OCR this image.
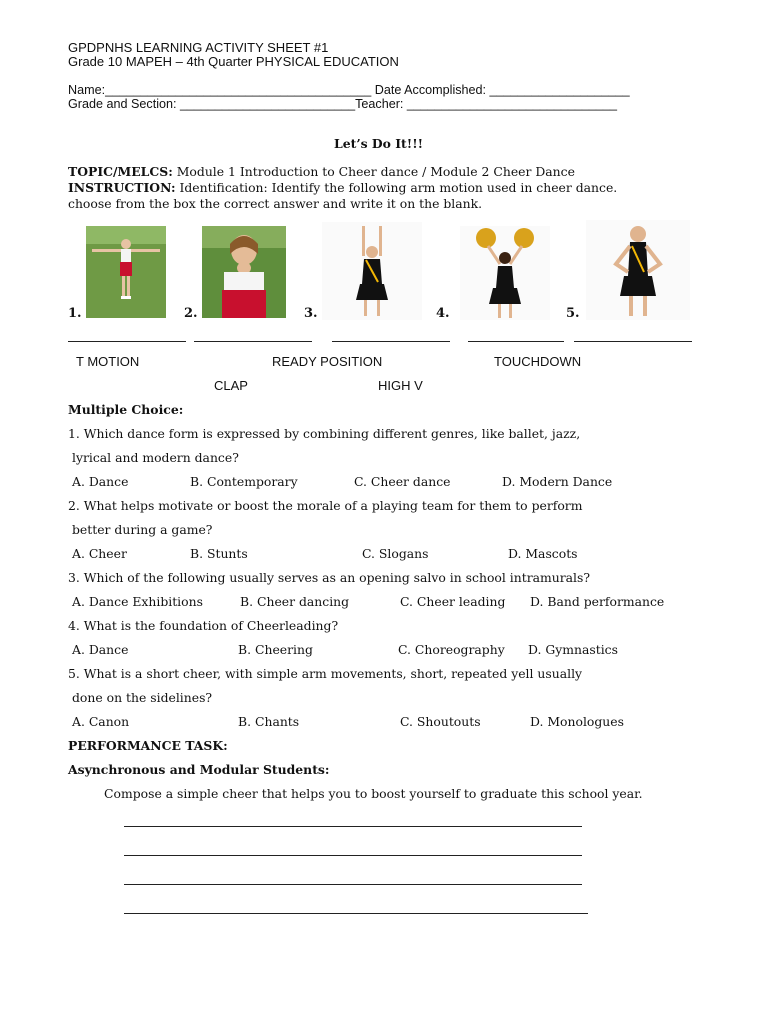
GPDPNHS LEARNING ACTIVITY SHEET #1
Grade 10 MAPEH – 4th Quarter PHYSICAL EDUCATION
Name:______________________________________ Date Accomplished: ____________________
Grade and Section: _________________________Teacher: ______________________________
Let’s Do It!!!
TOPIC/MELCS: Module 1 Introduction to Cheer dance / Module 2 Cheer Dance
INSTRUCTION: Identification: Identify the following arm motion used in cheer dance.
choose from the box the correct answer and write it on the blank.
1.	2.	3.	4.	5.
T MOTION	READY POSITION	TOUCHDOWN
CLAP	HIGH V
Multiple Choice:
1. Which dance form is expressed by combining different genres, like ballet, jazz,
lyrical and modern dance?
A. Dance	B. Contemporary	C. Cheer dance	D. Modern Dance
2. What helps motivate or boost the morale of a playing team for them to perform
better during a game?
A. Cheer	B. Stunts	C. Slogans	D. Mascots
3. Which of the following usually serves as an opening salvo in school intramurals?
A. Dance Exhibitions	B. Cheer dancing	C. Cheer leading D. Band performance
4. What is the foundation of Cheerleading?
A. Dance	B. Cheering	C. Choreography D. Gymnastics
5. What is a short cheer, with simple arm movements, short, repeated yell usually
done on the sidelines?
A. Canon	B. Chants	C. Shoutouts	D. Monologues
PERFORMANCE TASK:
Asynchronous and Modular Students:
Compose a simple cheer that helps you to boost yourself to graduate this school year.
